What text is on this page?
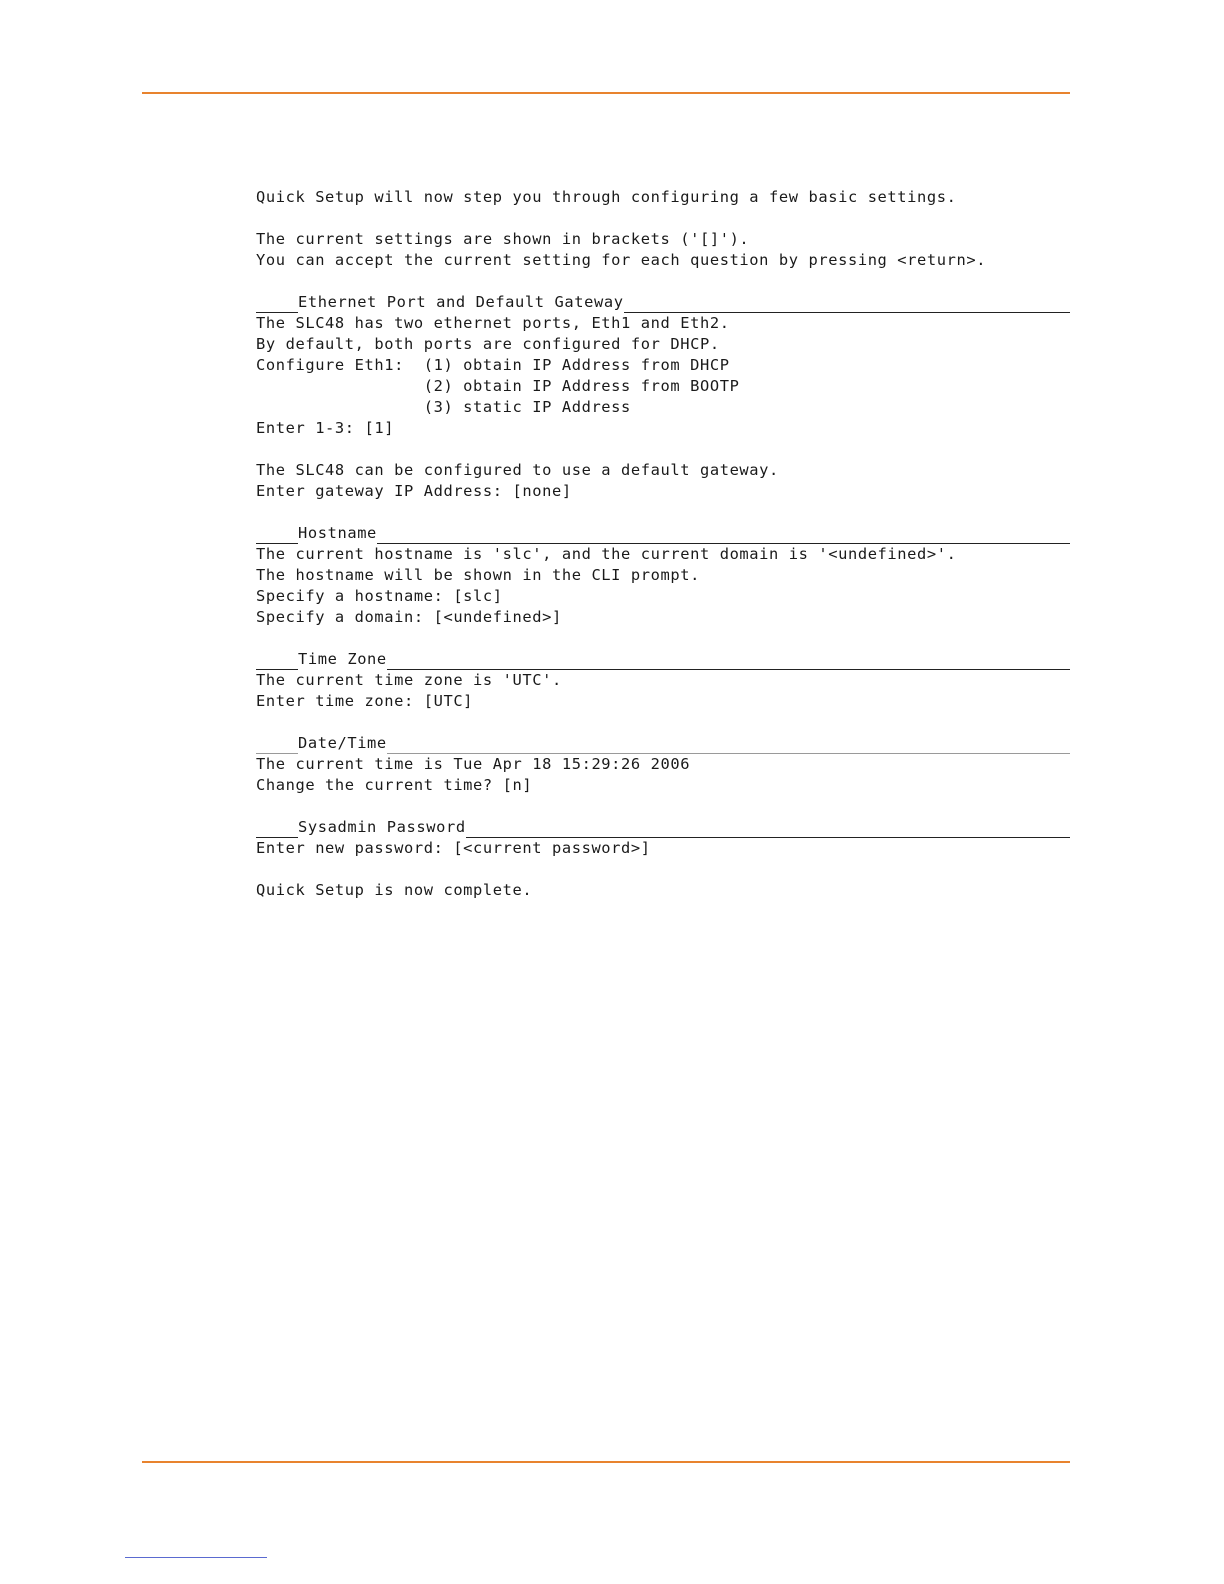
Quick Setup will now step you through configuring a few basic settings.
The current settings are shown in brackets ('[]').
You can accept the current setting for each question by pressing <return>.
Ethernet Port and Default Gateway
The SLC48 has two ethernet ports, Eth1 and Eth2.
By default, both ports are configured for DHCP.
Configure Eth1:  (1) obtain IP Address from DHCP
(2) obtain IP Address from BOOTP
(3) static IP Address
Enter 1-3: [1]
The SLC48 can be configured to use a default gateway.
Enter gateway IP Address: [none]
Hostname
The current hostname is 'slc', and the current domain is '<undefined>'.
The hostname will be shown in the CLI prompt.
Specify a hostname: [slc]
Specify a domain: [<undefined>]
Time Zone
The current time zone is 'UTC'.
Enter time zone: [UTC]
Date/Time
The current time is Tue Apr 18 15:29:26 2006
Change the current time? [n]
Sysadmin Password
Enter new password: [<current password>]
Quick Setup is now complete.
